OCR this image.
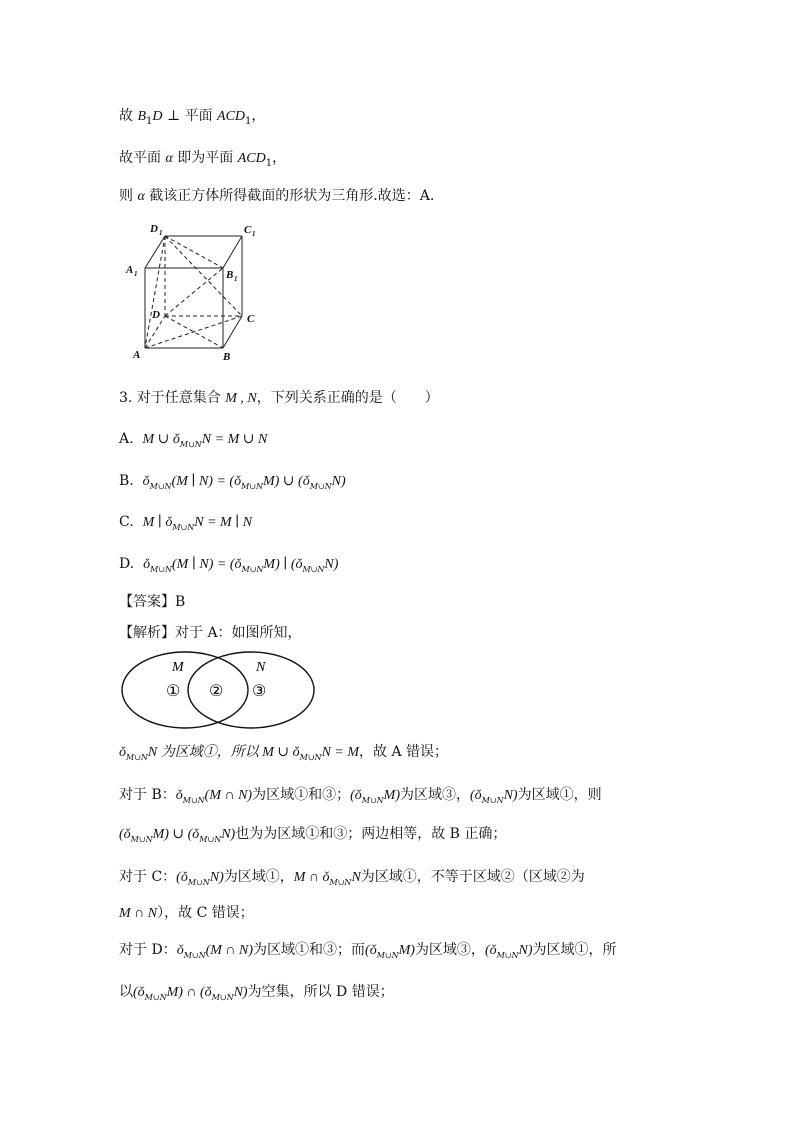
故 $B_1D$ ⊥ 平面 $ACD_1$，
故平面 α 即为平面 $ACD_1$，
则 α 截该正方体所得截面的形状为三角形.故选：A.
D 1	C 1
A 1	B 1
D	C
A	B
3. 对于任意集合 M , N，下列关系正确的是（　　）
A. M ∪ $ǒ_{M\cup N}N = M$ ∪ N
B. $ǒ_{M\cup N}(M$ ∣ $N) = (ǒ_{M\cup N}M)$ ∪ $(ǒ_{M\cup N}N)$
C. M ∣ $ǒ_{M\cup N}N = M$ ∣ N
D. $ǒ_{M\cup N}(M$ ∣ $N) = (ǒ_{M\cup N}M)$ ∣ $(ǒ_{M\cup N}N)$
【答案】B
【解析】对于 A：如图所知，
M	N
① ② ③
$ǒ_{M\cup N}N$ 为区域①，所以 M ∪ $ǒ_{M\cup N}N = M$，故 A 错误；
对于 B：$ǒ_{M\cup N}(M$ ∩ N)为区域①和③；$(ǒ_{M\cup N}M)$为区域③，$(ǒ_{M\cup N}N)$为区域①，则
$(ǒ_{M\cup N}M)$ ∪ $(ǒ_{M\cup N}N)$也为为区域①和③；两边相等，故 B 正确；
对于 C：$(ǒ_{M\cup N}N)$为区域①，M ∩ $ǒ_{M\cup N}N$为区域①，不等于区域②（区域②为
M ∩ N），故 C 错误；
对于 D：$ǒ_{M\cup N}(M$ ∩ N)为区域①和③；而$(ǒ_{M\cup N}M)$为区域③，$(ǒ_{M\cup N}N)$为区域①，所
以$(ǒ_{M\cup N}M)$ ∩ $(ǒ_{M\cup N}N)$为空集，所以 D 错误；
